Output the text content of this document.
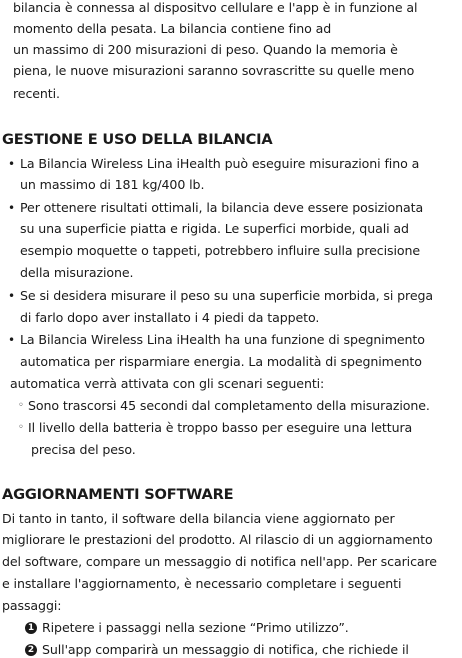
bilancia è connessa al dispositvo cellulare e l'app è in funzione al
momento della pesata. La bilancia contiene fino ad
un massimo di 200 misurazioni di peso. Quando la memoria è
piena, le nuove misurazioni saranno sovrascritte su quelle meno
recenti.
GESTIONE E USO DELLA BILANCIA
• La Bilancia Wireless Lina iHealth può eseguire misurazioni fino a
un massimo di 181 kg/400 lb.
• Per ottenere risultati ottimali, la bilancia deve essere posizionata
su una superficie piatta e rigida. Le superfici morbide, quali ad
esempio moquette o tappeti, potrebbero influire sulla precisione
della misurazione.
• Se si desidera misurare il peso su una superficie morbida, si prega
di farlo dopo aver installato i 4 piedi da tappeto.
• La Bilancia Wireless Lina iHealth ha una funzione di spegnimento
automatica per risparmiare energia. La modalità di spegnimento
automatica verrà attivata con gli scenari seguenti:
◦ Sono trascorsi 45 secondi dal completamento della misurazione.
◦ Il livello della batteria è troppo basso per eseguire una lettura
precisa del peso.
AGGIORNAMENTI SOFTWARE
Di tanto in tanto, il software della bilancia viene aggiornato per
migliorare le prestazioni del prodotto. Al rilascio di un aggiornamento
del software, compare un messaggio di notifica nell'app. Per scaricare
e installare l'aggiornamento, è necessario completare i seguenti
passaggi:
1 Ripetere i passaggi nella sezione “Primo utilizzo”.
2 Sull'app comparirà un messaggio di notifica, che richiede il
